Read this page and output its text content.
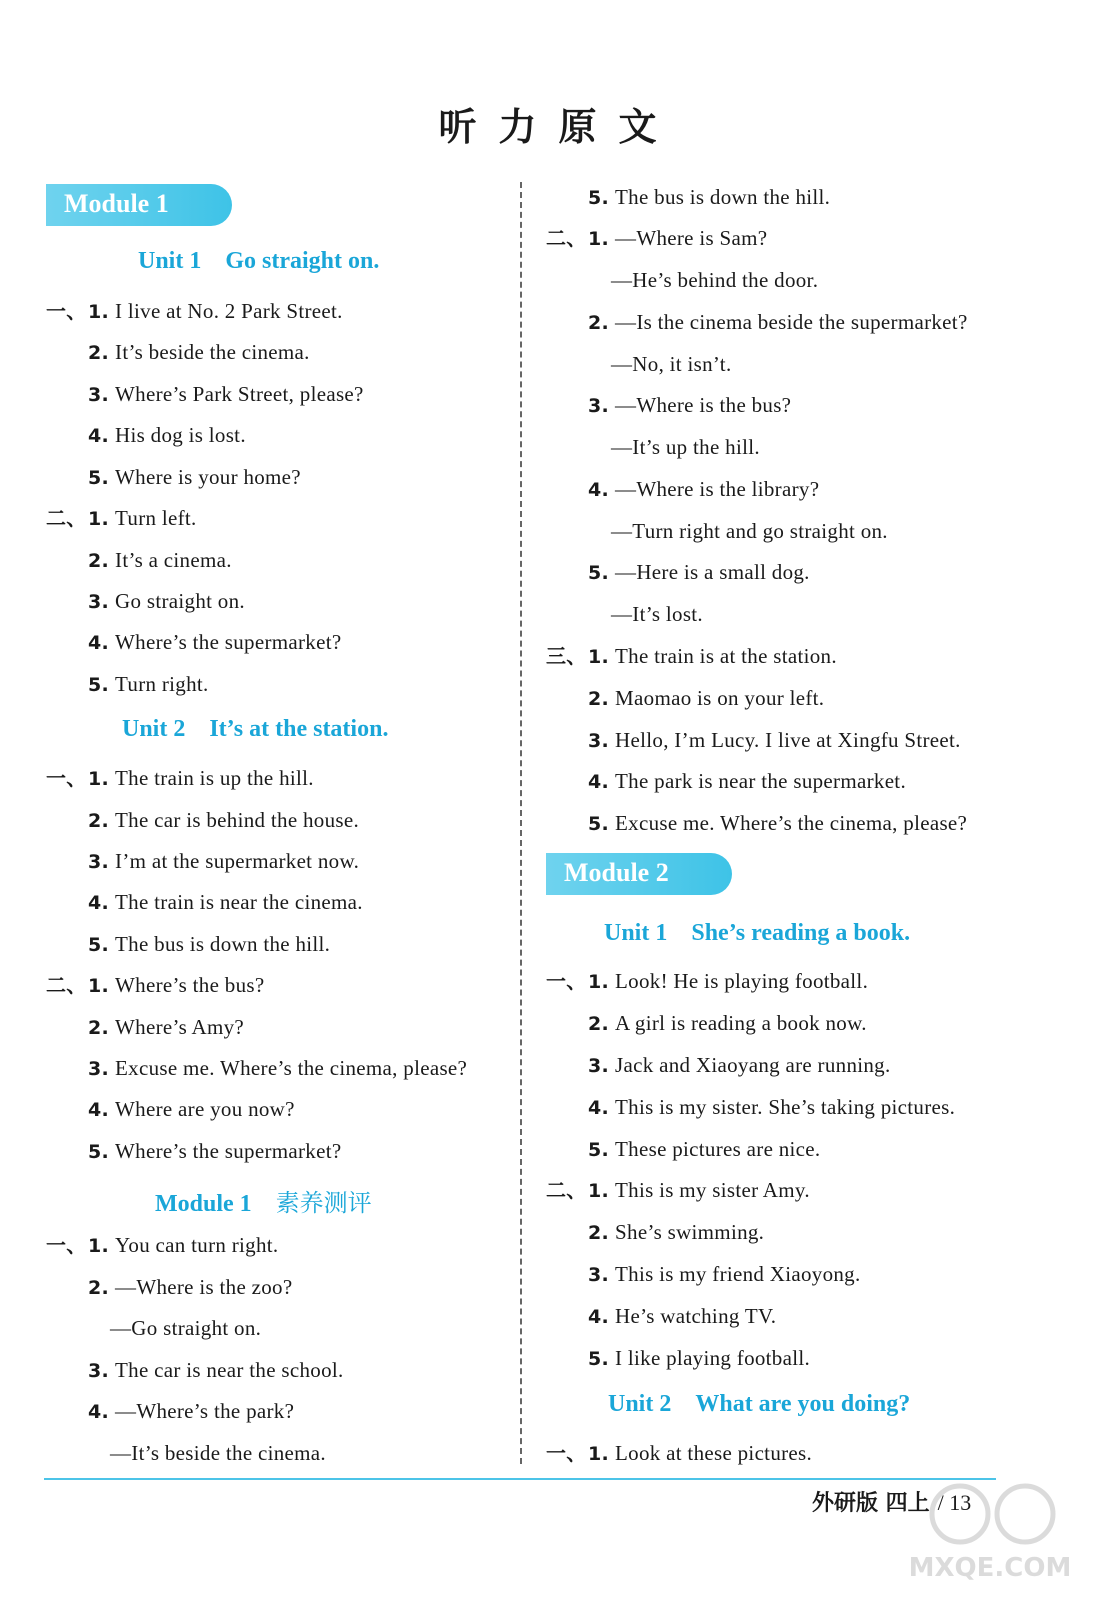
听力原文
Module 1
Unit 1 Go straight on.
一、 1. I live at No. 2 Park Street.
2. It’s beside the cinema.
3. Where’s Park Street, please?
4. His dog is lost.
5. Where is your home?
二、 1. Turn left.
2. It’s a cinema.
3. Go straight on.
4. Where’s the supermarket?
5. Turn right.
一、 1. The train is up the hill.
2. The car is behind the house.
3. I’m at the supermarket now.
4. The train is near the cinema.
5. The bus is down the hill.
二、 1. Where’s the bus?
2. Where’s Amy?
3. Excuse me. Where’s the cinema, please?
4. Where are you now?
5. Where’s the supermarket?
一、 1. You can turn right.
2. —Where is the zoo?
—Go straight on.
3. The car is near the school.
4. —Where’s the park?
—It’s beside the cinema.
二、 1. —Where is Sam?
—He’s behind the door.
2. —Is the cinema beside the supermarket?
—No, it isn’t.
3. —Where is the bus?
—It’s up the hill.
4. —Where is the library?
—Turn right and go straight on.
5. —Here is a small dog.
—It’s lost.
三、 1. The train is at the station.
2. Maomao is on your left.
3. Hello, I’m Lucy. I live at Xingfu Street.
4. The park is near the supermarket.
5. Excuse me. Where’s the cinema, please?
一、 1. Look! He is playing football.
2. A girl is reading a book now.
3. Jack and Xiaoyang are running.
4. This is my sister. She’s taking pictures.
5. These pictures are nice.
二、 1. This is my sister Amy.
2. She’s swimming.
3. This is my friend Xiaoyong.
4. He’s watching TV.
5. I like playing football.
一、 1. Look at these pictures.
Unit 2 It’s at the station.
Module 1 素养测评
Module 2
Unit 1 She’s reading a book.
Unit 2 What are you doing?
5. The bus is down the hill.
外研版 四上 / 13
MXQE.COM
